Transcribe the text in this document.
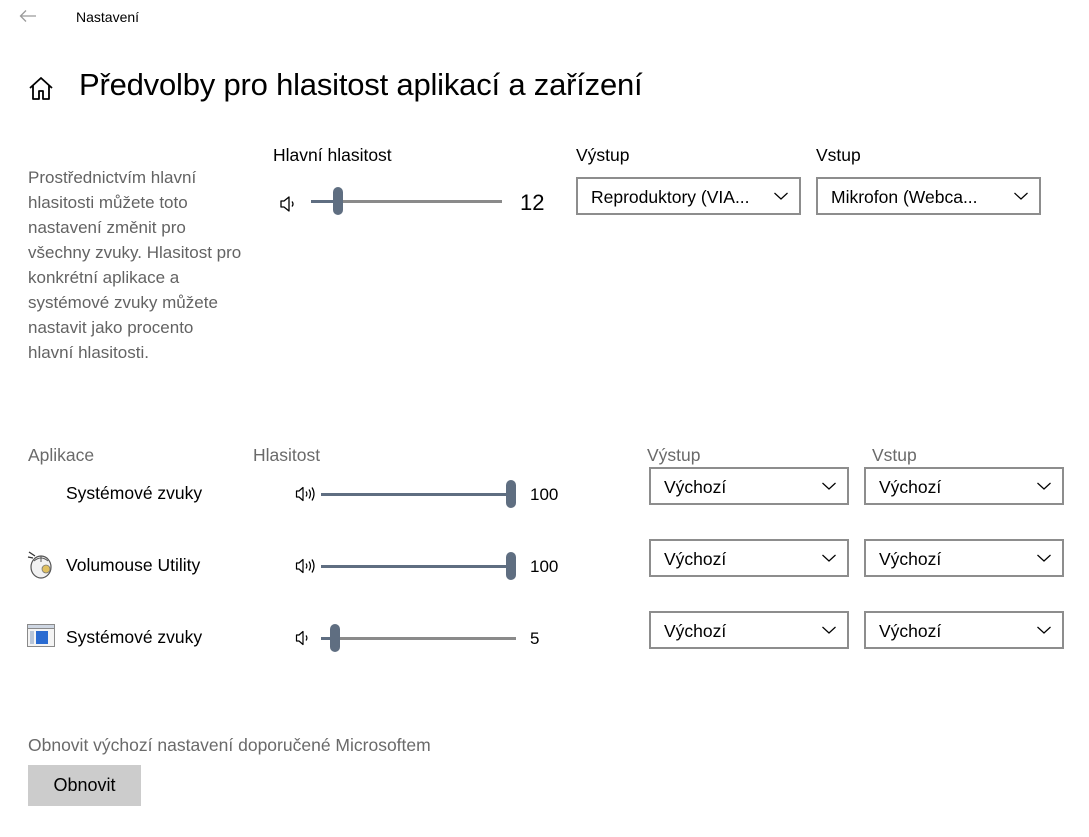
Nastavení
Předvolby pro hlasitost aplikací a zařízení

Prostřednictvím hlavní hlasitosti můžete toto nastavení změnit pro všechny zvuky. Hlasitost pro konkrétní aplikace a systémové zvuky můžete nastavit jako procento hlavní hlasitosti.

Hlavní hlasitost
12
Výstup
Reproduktory (VIA...
Vstup
Mikrofon (Webca...
Aplikace	Hlasitost	Výstup	Vstup
Systémové zvuky	100	Výchozí	Výchozí
Volumouse Utility	100	Výchozí	Výchozí
Systémové zvuky	5	Výchozí	Výchozí
Obnovit výchozí nastavení doporučené Microsoftem
Obnovit
